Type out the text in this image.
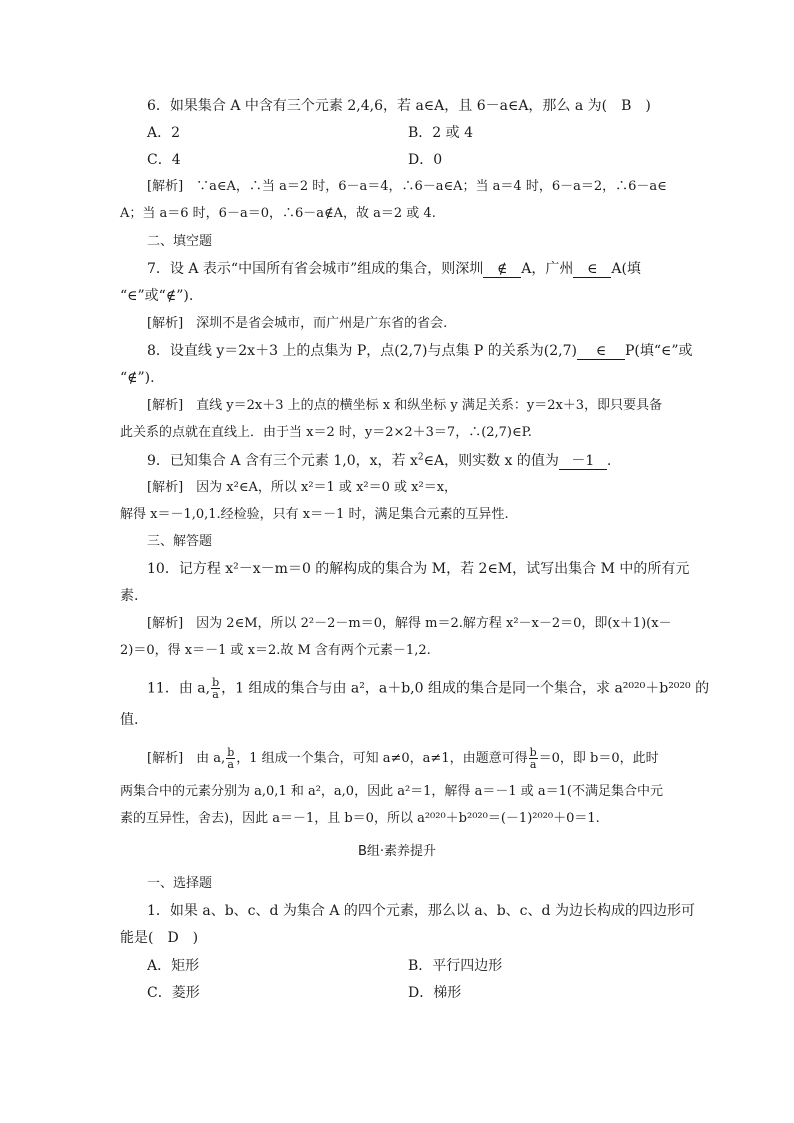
6．如果集合 A 中含有三个元素 2,4,6，若 a∈A，且 6－a∈A，那么 a 为(　B　)
A．2	B．2 或 4
C．4	D．0
[解析]　 ∵a∈A，∴当 a＝2 时，6－a＝4，∴6－a∈A；当 a＝4 时，6－a＝2，∴6－a∈
A；当 a＝6 时，6－a＝0，∴6－a∉A，故 a＝2 或 4.
二、填空题
7．设 A 表示“中国所有省会城市”组成的集合，则深圳 ∉ A，广州 ∈ A(填
“∈”或“∉”).
[解析]　 深圳不是省会城市，而广州是广东省的省会.
8．设直线 y＝2x＋3 上的点集为 P，点(2,7)与点集 P 的关系为(2,7) ∈ P(填“∈”或
“∉”).
[解析]　 直线 y＝2x＋3 上的点的横坐标 x 和纵坐标 y 满足关系：y＝2x＋3，即只要具备
此关系的点就在直线上．由于当 x＝2 时，y＝2×2＋3＝7，∴(2,7)∈P.
9．已知集合 A 含有三个元素 1,0，x，若 $x^2\in A$，则实数 x 的值为 －1 .
[解析]　 因为 x²∈A，所以 x²＝1 或 x²＝0 或 x²＝x，
解得 x＝－1,0,1.经检验，只有 x＝－1 时，满足集合元素的互异性.
三、解答题
10．记方程 x²－x－m＝0 的解构成的集合为 M，若 2∈M，试写出集合 M 中的所有元
素.
[解析]　 因为 2∈M，所以 2²－2－m＝0，解得 m＝2.解方程 x²－x－2＝0，即(x＋1)(x－
2)＝0，得 x＝－1 或 x＝2.故 M 含有两个元素－1,2.
11．由 a, $\frac{b}{a}$ ，1 组成的集合与由 a²，a＋b,0 组成的集合是同一个集合，求 a²⁰²⁰＋b²⁰²⁰ 的
值.
[解析]　 由 a, $\frac{b}{a}$ ，1 组成一个集合，可知 a≠0，a≠1，由题意可得 $\frac{b}{a} =0$，即 b＝0，此时
两集合中的元素分别为 a,0,1 和 a²，a,0，因此 a²＝1，解得 a＝－1 或 a＝1(不满足集合中元
素的互异性，舍去)，因此 a＝－1，且 b＝0，所以 a²⁰²⁰＋b²⁰²⁰＝(－1)²⁰²⁰＋0＝1.
B组·素养提升
一、选择题
1．如果 a、b、c、d 为集合 A 的四个元素，那么以 a、b、c、d 为边长构成的四边形可
能是(　D　)
A．矩形	B．平行四边形
C．菱形	D．梯形
